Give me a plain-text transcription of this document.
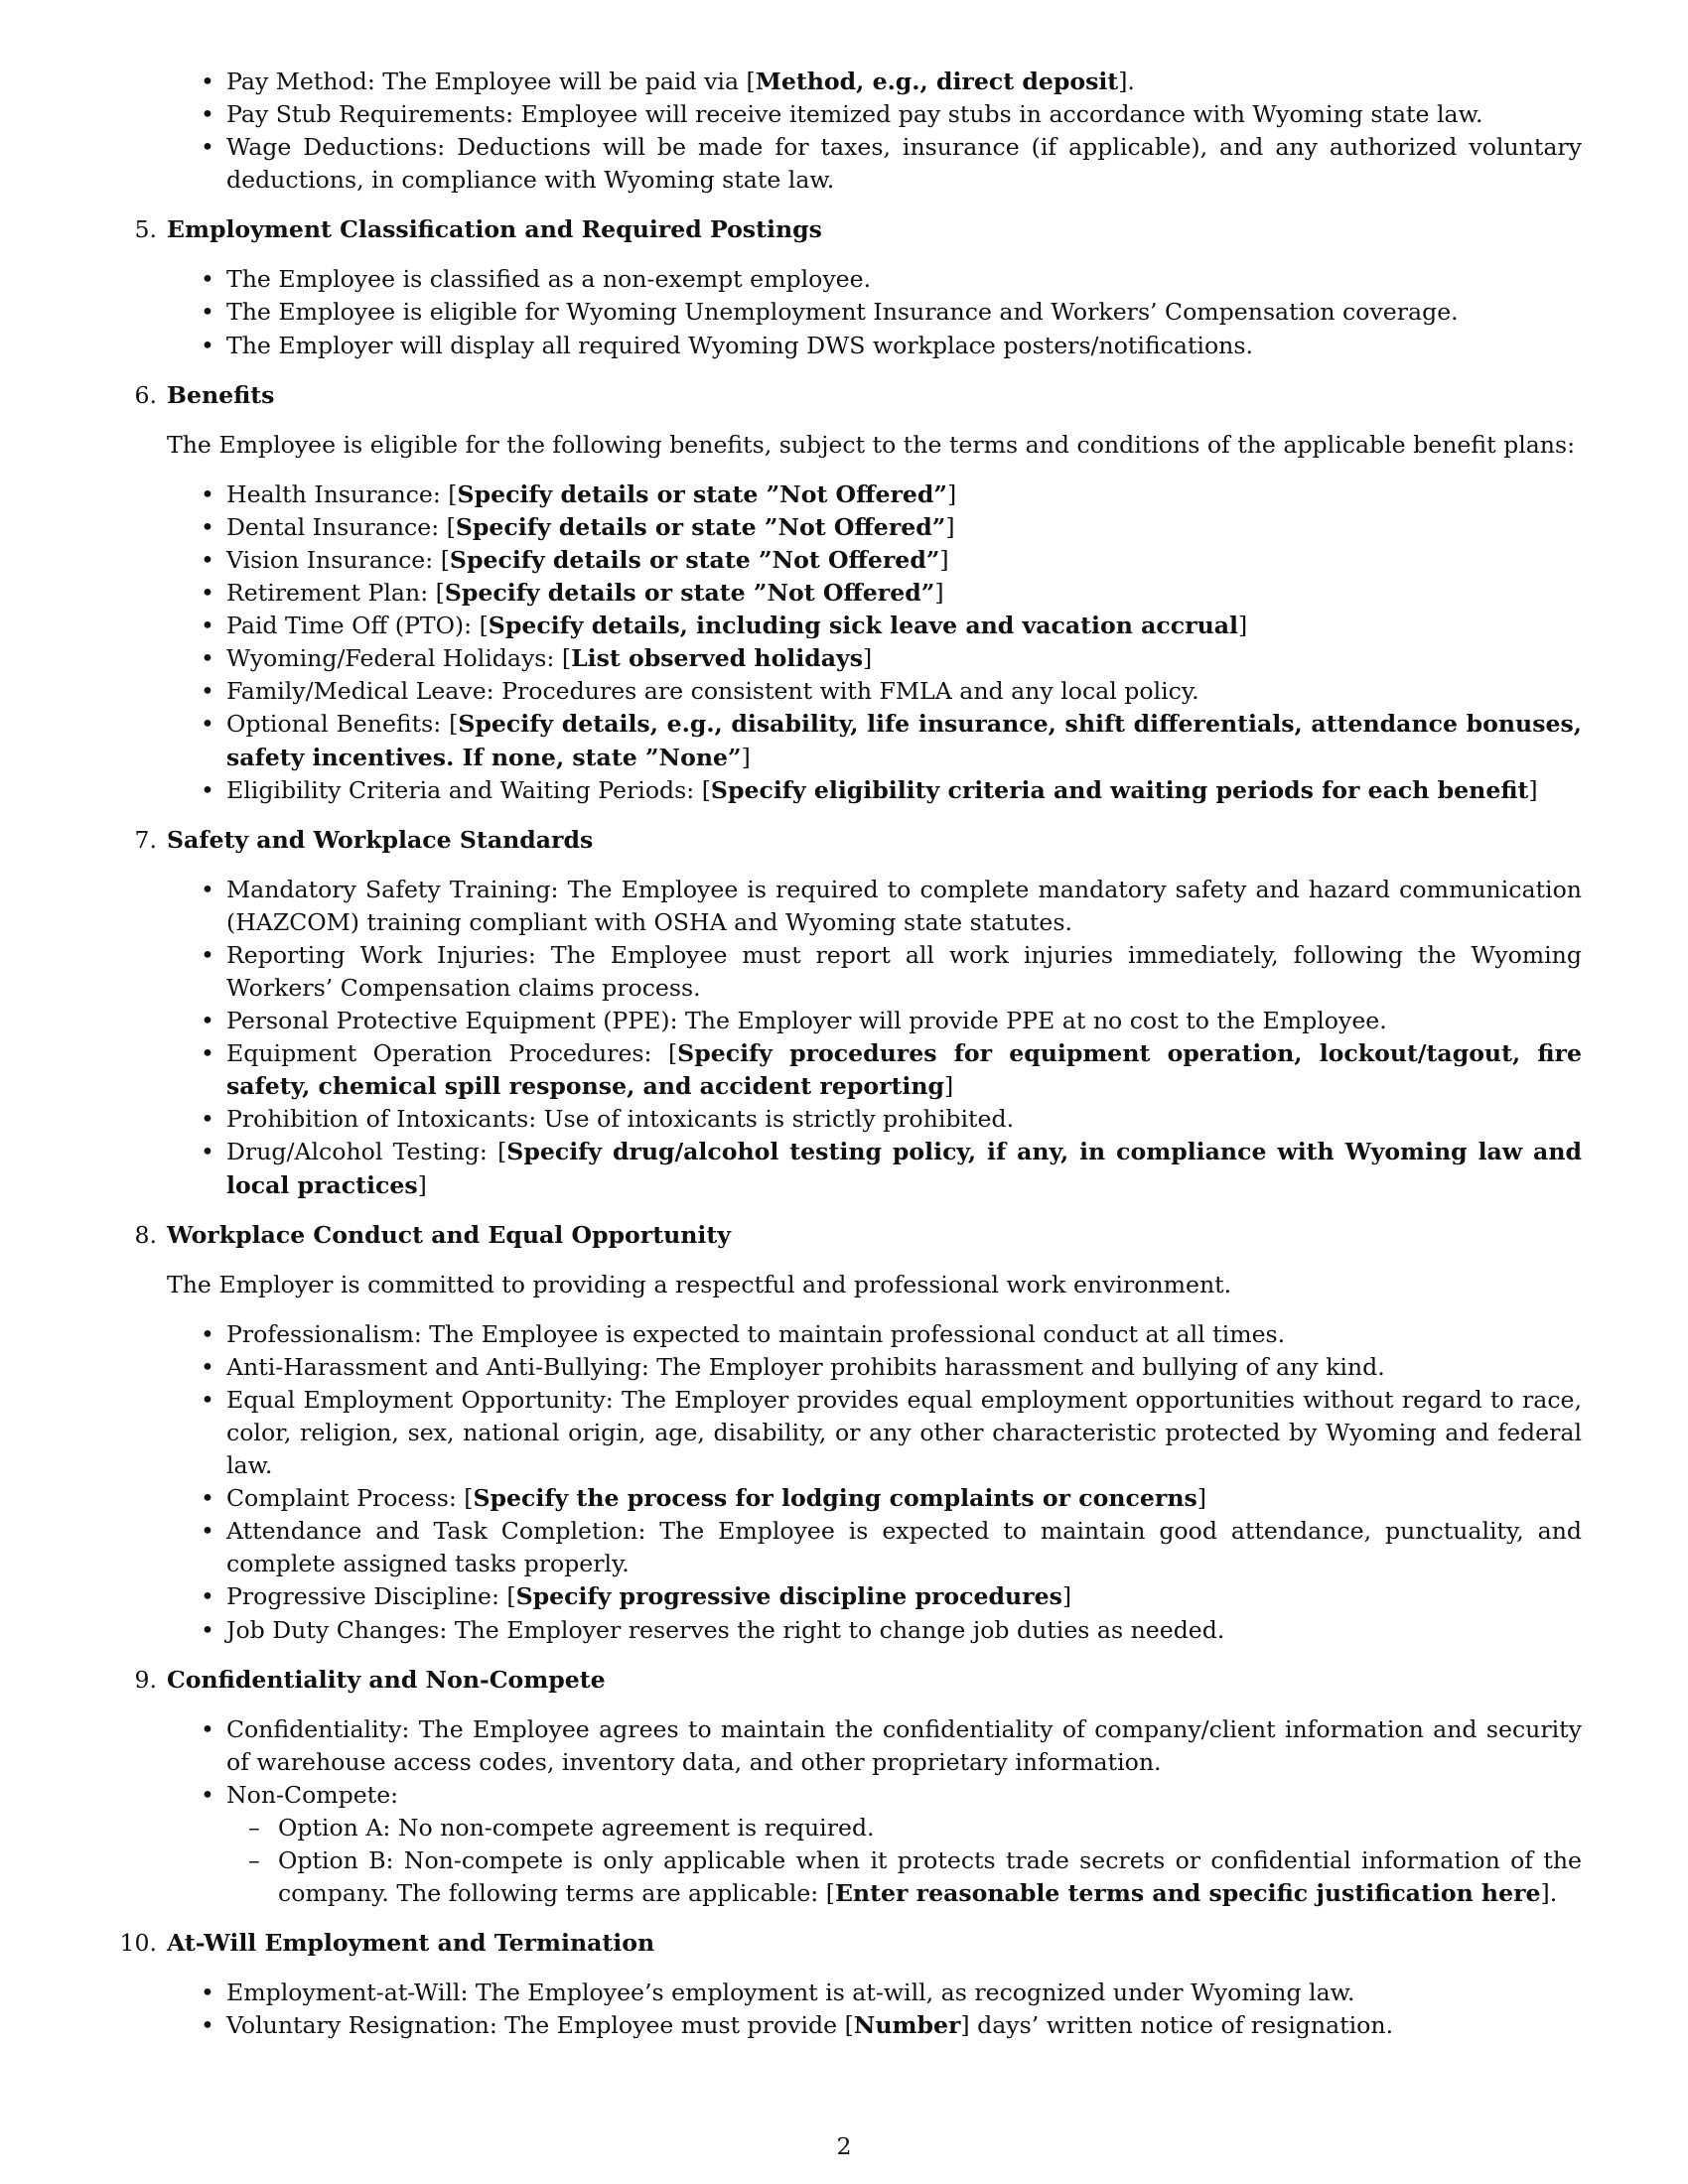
• Pay Method: The Employee will be paid via [Method, e.g., direct deposit].
• Pay Stub Requirements: Employee will receive itemized pay stubs in accordance with Wyoming state law.
• Wage Deductions: Deductions will be made for taxes, insurance (if applicable), and any authorized voluntary deductions, in compliance with Wyoming state law.
5. Employment Classification and Required Postings
• The Employee is classified as a non-exempt employee.
• The Employee is eligible for Wyoming Unemployment Insurance and Workers’ Compensation coverage.
• The Employer will display all required Wyoming DWS workplace posters/notifications.
6. Benefits

The Employee is eligible for the following benefits, subject to the terms and conditions of the applicable benefit plans:

• Health Insurance: [Specify details or state ”Not Offered”]
• Dental Insurance: [Specify details or state ”Not Offered”]
• Vision Insurance: [Specify details or state ”Not Offered”]
• Retirement Plan: [Specify details or state ”Not Offered”]
• Paid Time Off (PTO): [Specify details, including sick leave and vacation accrual]
• Wyoming/Federal Holidays: [List observed holidays]
• Family/Medical Leave: Procedures are consistent with FMLA and any local policy.
• Optional Benefits: [Specify details, e.g., disability, life insurance, shift differentials, attendance bonuses, safety incentives. If none, state ”None”]
• Eligibility Criteria and Waiting Periods: [Specify eligibility criteria and waiting periods for each benefit]
7. Safety and Workplace Standards
• Mandatory Safety Training: The Employee is required to complete mandatory safety and hazard communication (HAZCOM) training compliant with OSHA and Wyoming state statutes.
• Reporting Work Injuries: The Employee must report all work injuries immediately, following the Wyoming Workers’ Compensation claims process.
• Personal Protective Equipment (PPE): The Employer will provide PPE at no cost to the Employee.
• Equipment Operation Procedures: [Specify procedures for equipment operation, lockout/tagout, fire safety, chemical spill response, and accident reporting]
• Prohibition of Intoxicants: Use of intoxicants is strictly prohibited.
• Drug/Alcohol Testing: [Specify drug/alcohol testing policy, if any, in compliance with Wyoming law and local practices]
8. Workplace Conduct and Equal Opportunity

The Employer is committed to providing a respectful and professional work environment.

• Professionalism: The Employee is expected to maintain professional conduct at all times.
• Anti-Harassment and Anti-Bullying: The Employer prohibits harassment and bullying of any kind.
• Equal Employment Opportunity: The Employer provides equal employment opportunities without regard to race, color, religion, sex, national origin, age, disability, or any other characteristic protected by Wyoming and federal law.
• Complaint Process: [Specify the process for lodging complaints or concerns]
• Attendance and Task Completion: The Employee is expected to maintain good attendance, punctuality, and complete assigned tasks properly.
• Progressive Discipline: [Specify progressive discipline procedures]
• Job Duty Changes: The Employer reserves the right to change job duties as needed.
9. Confidentiality and Non-Compete
• Confidentiality: The Employee agrees to maintain the confidentiality of company/client information and security of warehouse access codes, inventory data, and other proprietary information.
• Non-Compete:
– Option A: No non-compete agreement is required.
– Option B: Non-compete is only applicable when it protects trade secrets or confidential information of the company. The following terms are applicable: [Enter reasonable terms and specific justification here].
10. At-Will Employment and Termination
• Employment-at-Will: The Employee’s employment is at-will, as recognized under Wyoming law.
• Voluntary Resignation: The Employee must provide [Number] days’ written notice of resignation.
2
